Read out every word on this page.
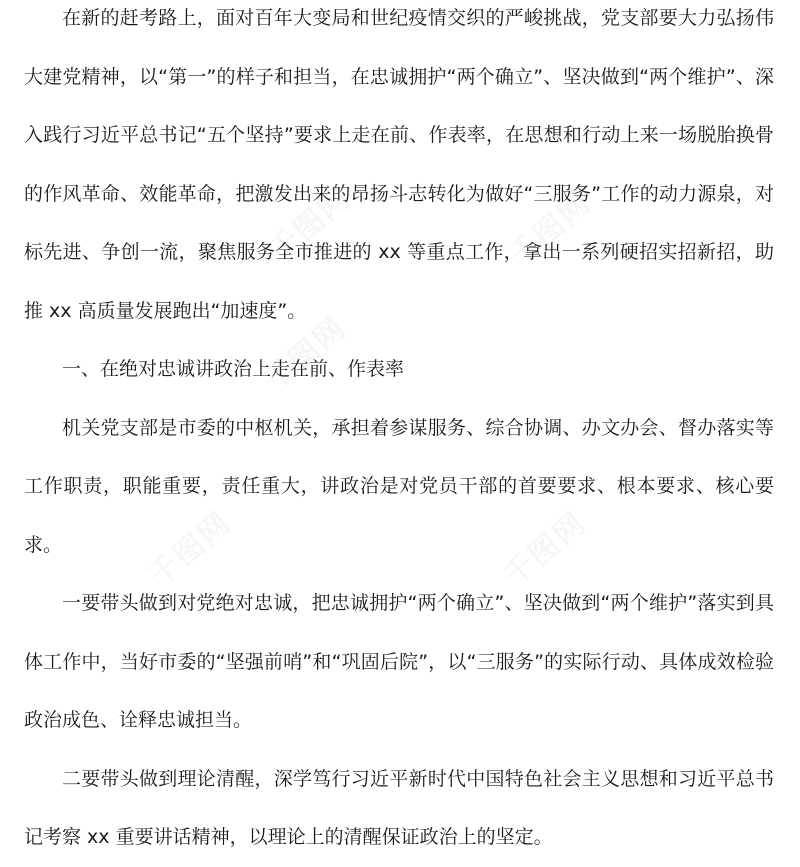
在新的赶考路上，面对百年大变局和世纪疫情交织的严峻挑战，党支部要大力弘扬伟大建党精神，以“第一”的样子和担当，在忠诚拥护“两个确立”、坚决做到“两个维护”、深入践行习近平总书记“五个坚持”要求上走在前、作表率，在思想和行动上来一场脱胎换骨的作风革命、效能革命，把激发出来的昂扬斗志转化为做好“三服务”工作的动力源泉，对标先进、争创一流，聚焦服务全市推进的 xx 等重点工作，拿出一系列硬招实招新招，助推 xx 高质量发展跑出“加速度”。

一、在绝对忠诚讲政治上走在前、作表率

机关党支部是市委的中枢机关，承担着参谋服务、综合协调、办文办会、督办落实等工作职责，职能重要，责任重大，讲政治是对党员干部的首要要求、根本要求、核心要求。

一要带头做到对党绝对忠诚，把忠诚拥护“两个确立”、坚决做到“两个维护”落实到具体工作中，当好市委的“坚强前哨”和“巩固后院”，以“三服务”的实际行动、具体成效检验政治成色、诠释忠诚担当。

二要带头做到理论清醒，深学笃行习近平新时代中国特色社会主义思想和习近平总书记考察 xx 重要讲话精神，以理论上的清醒保证政治上的坚定。

千图网	千图网
千图网
千图网	千图网
